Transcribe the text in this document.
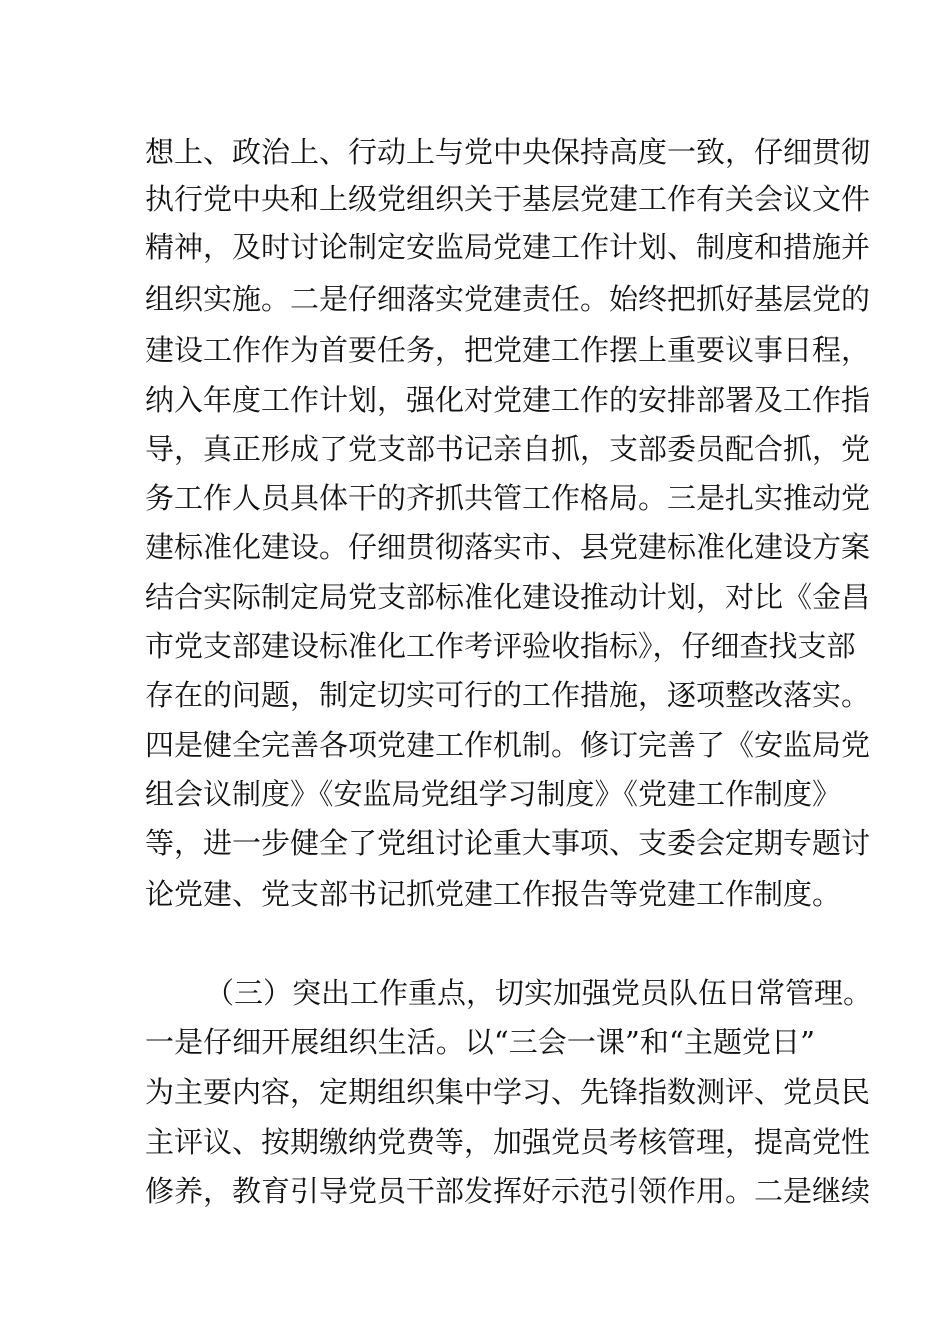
想上、政治上、行动上与党中央保持高度一致，仔细贯彻
执行党中央和上级党组织关于基层党建工作有关会议文件
精神，及时讨论制定安监局党建工作计划、制度和措施并
组织实施。二是仔细落实党建责任。始终把抓好基层党的
建设工作作为首要任务，把党建工作摆上重要议事日程，
纳入年度工作计划，强化对党建工作的安排部署及工作指
导，真正形成了党支部书记亲自抓，支部委员配合抓，党
务工作人员具体干的齐抓共管工作格局。三是扎实推动党
建标准化建设。仔细贯彻落实市、县党建标准化建设方案
结合实际制定局党支部标准化建设推动计划，对比《金昌
市党支部建设标准化工作考评验收指标》，仔细查找支部
存在的问题，制定切实可行的工作措施，逐项整改落实。
四是健全完善各项党建工作机制。修订完善了《安监局党
组会议制度》《安监局党组学习制度》《党建工作制度》
等，进一步健全了党组讨论重大事项、支委会定期专题讨
论党建、党支部书记抓党建工作报告等党建工作制度。
（三）突出工作重点，切实加强党员队伍日常管理。
一是仔细开展组织生活。以“三会一课”和“主题党日”
为主要内容，定期组织集中学习、先锋指数测评、党员民
主评议、按期缴纳党费等，加强党员考核管理，提高党性
修养，教育引导党员干部发挥好示范引领作用。二是继续
